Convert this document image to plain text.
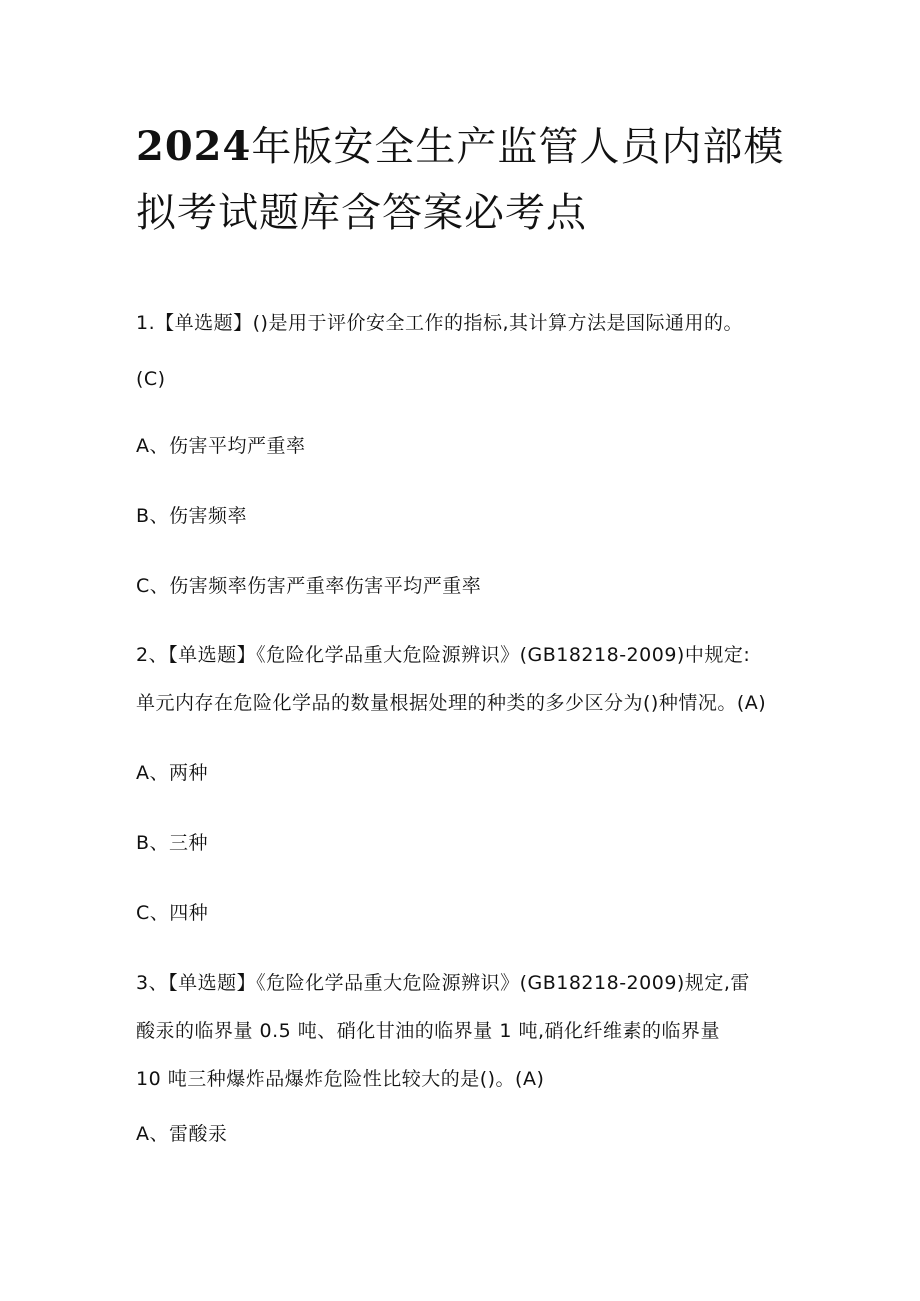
2024年版安全生产监管人员内部模拟考试题库含答案必考点

1.【单选题】()是用于评价安全工作的指标,其计算方法是国际通用的。

(C)

A、伤害平均严重率

B、伤害频率

C、伤害频率伤害严重率伤害平均严重率

2、【单选题】《危险化学品重大危险源辨识》(GB18218-2009)中规定:

单元内存在危险化学品的数量根据处理的种类的多少区分为()种情况。(A)

A、两种

B、三种

C、四种

3、【单选题】《危险化学品重大危险源辨识》(GB18218-2009)规定,雷

酸汞的临界量 0.5 吨、硝化甘油的临界量 1 吨,硝化纤维素的临界量

10 吨三种爆炸品爆炸危险性比较大的是()。(A)

A、雷酸汞
